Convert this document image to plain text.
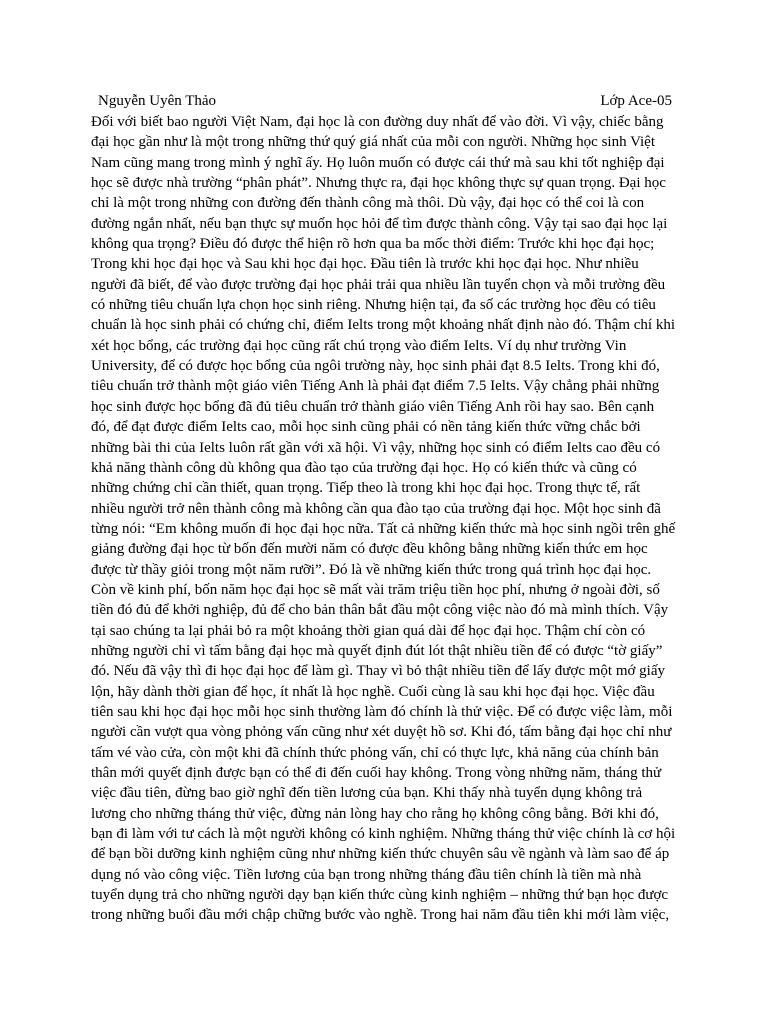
Nguyễn Uyên Thảo	Lớp Ace-05
Đối với biết bao người Việt Nam, đại học là con đường duy nhất để vào đời. Vì vậy, chiếc bằng
đại học gần như là một trong những thứ quý giá nhất của mỗi con người. Những học sinh Việt
Nam cũng mang trong mình ý nghĩ ấy. Họ luôn muốn có được cái thứ mà sau khi tốt nghiệp đại
học sẽ được nhà trường “phân phát”. Nhưng thực ra, đại học không thực sự quan trọng. Đại học
chỉ là một trong những con đường đến thành công mà thôi. Dù vậy, đại học có thể coi là con
đường ngắn nhất, nếu bạn thực sự muốn học hỏi để tìm được thành công. Vậy tại sao đại học lại
không qua trọng? Điều đó được thể hiện rõ hơn qua ba mốc thời điểm: Trước khi học đại học;
Trong khi học đại học và Sau khi học đại học. Đầu tiên là trước khi học đại học. Như nhiều
người đã biết, để vào được trường đại học phải trải qua nhiều lần tuyển chọn và mỗi trường đều
có những tiêu chuẩn lựa chọn học sinh riêng. Nhưng hiện tại, đa số các trường học đều có tiêu
chuẩn là học sinh phải có chứng chỉ, điểm Ielts trong một khoảng nhất định nào đó. Thậm chí khi
xét học bổng, các trường đại học cũng rất chú trọng vào điểm Ielts. Ví dụ như trường Vin
University, để có được học bổng của ngôi trường này, học sinh phải đạt 8.5 Ielts. Trong khi đó,
tiêu chuẩn trở thành một giáo viên Tiếng Anh là phải đạt điểm 7.5 Ielts. Vậy chẳng phải những
học sinh được học bổng đã đủ tiêu chuẩn trở thành giáo viên Tiếng Anh rồi hay sao. Bên cạnh
đó, để đạt được điểm Ielts cao, mỗi học sinh cũng phải có nền tảng kiến thức vững chắc bởi
những bài thi của Ielts luôn rất gần với xã hội. Vì vậy, những học sinh có điểm Ielts cao đều có
khả năng thành công dù không qua đào tạo của trường đại học. Họ có kiến thức và cũng có
những chứng chỉ cần thiết, quan trọng. Tiếp theo là trong khi học đại học. Trong thực tế, rất
nhiều người trở nên thành công mà không cần qua đào tạo của trường đại học. Một học sinh đã
từng nói: “Em không muốn đi học đại học nữa. Tất cả những kiến thức mà học sinh ngồi trên ghế
giảng đường đại học từ bốn đến mười năm có được đều không bằng những kiến thức em học
được từ thầy giỏi trong một năm rưỡi”. Đó là về những kiến thức trong quá trình học đại học.
Còn về kinh phí, bốn năm học đại học sẽ mất vài trăm triệu tiền học phí, nhưng ở ngoài đời, số
tiền đó đủ để khởi nghiệp, đủ để cho bản thân bắt đầu một công việc nào đó mà mình thích. Vậy
tại sao chúng ta lại phải bỏ ra một khoảng thời gian quá dài để học đại học. Thậm chí còn có
những người chỉ vì tấm bằng đại học mà quyết định đút lót thật nhiều tiền để có được “tờ giấy”
đó. Nếu đã vậy thì đi học đại học để làm gì. Thay vì bỏ thật nhiều tiền để lấy được một mớ giấy
lộn, hãy dành thời gian để học, ít nhất là học nghề. Cuối cùng là sau khi học đại học. Việc đầu
tiên sau khi học đại học mỗi học sinh thường làm đó chính là thử việc. Để có được việc làm, mỗi
người cần vượt qua vòng phỏng vấn cũng như xét duyệt hồ sơ. Khi đó, tấm bằng đại học chỉ như
tấm vé vào cửa, còn một khi đã chính thức phỏng vấn, chỉ có thực lực, khả năng của chính bản
thân mới quyết định được bạn có thể đi đến cuối hay không. Trong vòng những năm, tháng thử
việc đầu tiên, đừng bao giờ nghĩ đến tiền lương của bạn. Khi thấy nhà tuyển dụng không trả
lương cho những tháng thử việc, đừng nản lòng hay cho rằng họ không công bằng. Bởi khi đó,
bạn đi làm với tư cách là một người không có kinh nghiệm. Những tháng thử việc chính là cơ hội
để bạn bồi dưỡng kinh nghiệm cũng như những kiến thức chuyên sâu về ngành và làm sao để áp
dụng nó vào công việc. Tiền lương của bạn trong những tháng đầu tiên chính là tiền mà nhà
tuyển dụng trả cho những người dạy bạn kiến thức cùng kinh nghiệm – những thứ bạn học được
trong những buổi đầu mới chập chững bước vào nghề. Trong hai năm đầu tiên khi mới làm việc,
